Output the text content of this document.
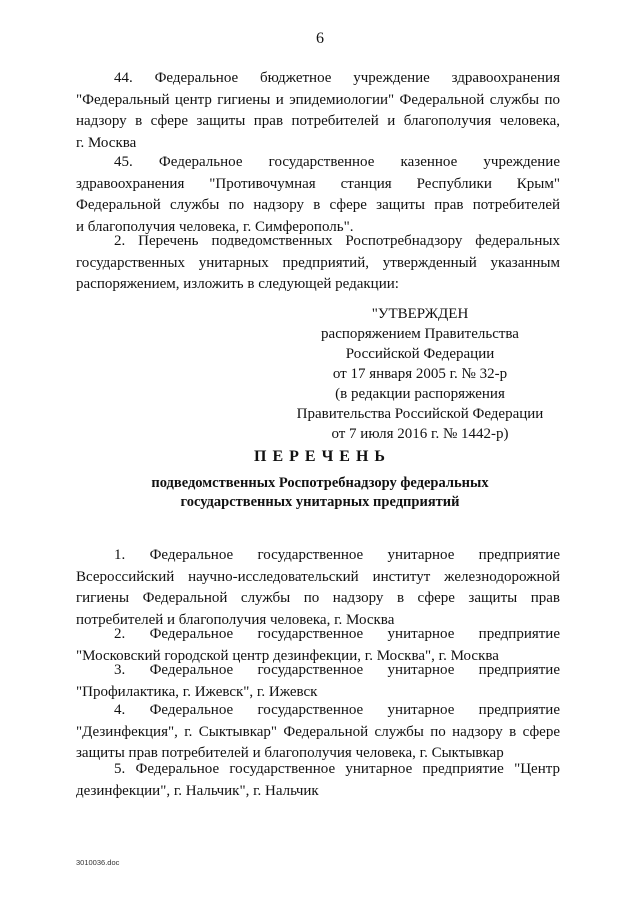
6
44. Федеральное бюджетное учреждение здравоохранения
"Федеральный центр гигиены и эпидемиологии" Федеральной службы по
надзору в сфере защиты прав потребителей и благополучия человека,
г. Москва
45. Федеральное государственное казенное учреждение
здравоохранения "Противочумная станция Республики Крым"
Федеральной службы по надзору в сфере защиты прав потребителей
и благополучия человека, г. Симферополь".
2. Перечень подведомственных Роспотребнадзору федеральных
государственных унитарных предприятий, утвержденный указанным
распоряжением, изложить в следующей редакции:
"УТВЕРЖДЕН
распоряжением Правительства
Российской Федерации
от 17 января 2005 г. № 32-р
(в редакции распоряжения
Правительства Российской Федерации
от 7 июля 2016 г. № 1442-р)
П Е Р Е Ч Е Н Ь
подведомственных Роспотребнадзору федеральных
государственных унитарных предприятий
1. Федеральное государственное унитарное предприятие
Всероссийский научно-исследовательский институт железнодорожной
гигиены Федеральной службы по надзору в сфере защиты прав
потребителей и благополучия человека, г. Москва
2. Федеральное государственное унитарное предприятие
"Московский городской центр дезинфекции, г. Москва", г. Москва
3. Федеральное государственное унитарное предприятие
"Профилактика, г. Ижевск", г. Ижевск
4. Федеральное государственное унитарное предприятие
"Дезинфекция", г. Сыктывкар" Федеральной службы по надзору в сфере
защиты прав потребителей и благополучия человека, г. Сыктывкар
5. Федеральное государственное унитарное предприятие "Центр
дезинфекции", г. Нальчик", г. Нальчик
3010036.doc
